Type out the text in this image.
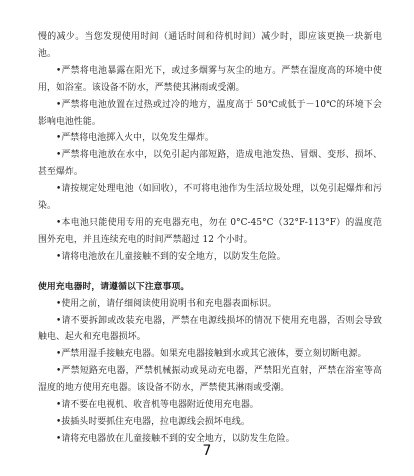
慢的减少。当您发现使用时间（通话时间和待机时间）减少时，即应该更换一块新电池。

•严禁将电池暴露在阳光下，或过多烟雾与灰尘的地方。严禁在湿度高的环境中使用，如浴室。该设备不防水，严禁使其淋雨或受潮。

•严禁将电池放置在过热或过冷的地方，温度高于 50℃或低于－10℃的环境下会影响电池性能。

•严禁将电池掷入火中，以免发生爆炸。

•严禁将电池放在水中，以免引起内部短路，造成电池发热、冒烟、变形、损坏、甚至爆炸。

•请按规定处理电池（如回收），不可将电池作为生活垃圾处理，以免引起爆炸和污染。

•本电池只能使用专用的充电器充电，勿在 0°C-45°C（32°F-113°F）的温度范围外充电，并且连续充电的时间严禁超过 12 个小时。

•请将电池放在儿童接触不到的安全地方，以防发生危险。

使用充电器时，请遵循以下注意事项。

•使用之前，请仔细阅读使用说明书和充电器表面标识。

•请不要拆卸或改装充电器，严禁在电源线损坏的情况下使用充电器，否则会导致触电、起火和充电器损坏。

•严禁用湿手接触充电器。如果充电器接触到水或其它液体，要立刻切断电源。

•严禁短路充电器，严禁机械振动或晃动充电器，严禁阳光直射，严禁在浴室等高湿度的地方使用充电器。该设备不防水，严禁使其淋雨或受潮。

•请不要在电视机、收音机等电器附近使用充电器。

•拔插头时要抓住充电器，拉电源线会损坏电线。

•请将充电器放在儿童接触不到的安全地方，以防发生危险。

7
